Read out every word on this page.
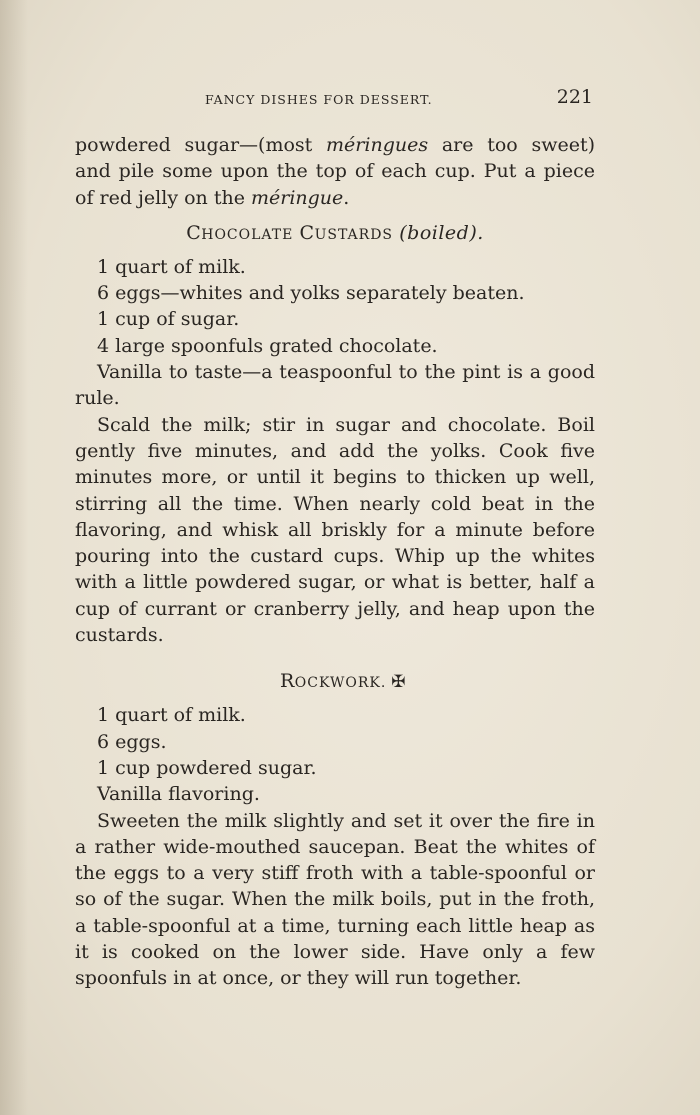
FANCY DISHES FOR DESSERT.	221

powdered sugar—(most méringues are too sweet) and pile some upon the top of each cup. Put a piece of red jelly on the méringue.

CHOCOLATE CUSTARDS (boiled).

1 quart of milk.

6 eggs—whites and yolks separately beaten.

1 cup of sugar.

4 large spoonfuls grated chocolate.

Vanilla to taste—a teaspoonful to the pint is a good rule.

Scald the milk; stir in sugar and chocolate. Boil gently five minutes, and add the yolks. Cook five minutes more, or until it begins to thicken up well, stirring all the time. When nearly cold beat in the flavoring, and whisk all briskly for a minute before pouring into the custard cups. Whip up the whites with a little powdered sugar, or what is better, half a cup of currant or cranberry jelly, and heap upon the custards.

ROCKWORK. ✠

1 quart of milk.

6 eggs.

1 cup powdered sugar.

Vanilla flavoring.

Sweeten the milk slightly and set it over the fire in a rather wide-mouthed saucepan. Beat the whites of the eggs to a very stiff froth with a table-spoonful or so of the sugar. When the milk boils, put in the froth, a table-spoonful at a time, turning each little heap as it is cooked on the lower side. Have only a few spoonfuls in at once, or they will run together.
